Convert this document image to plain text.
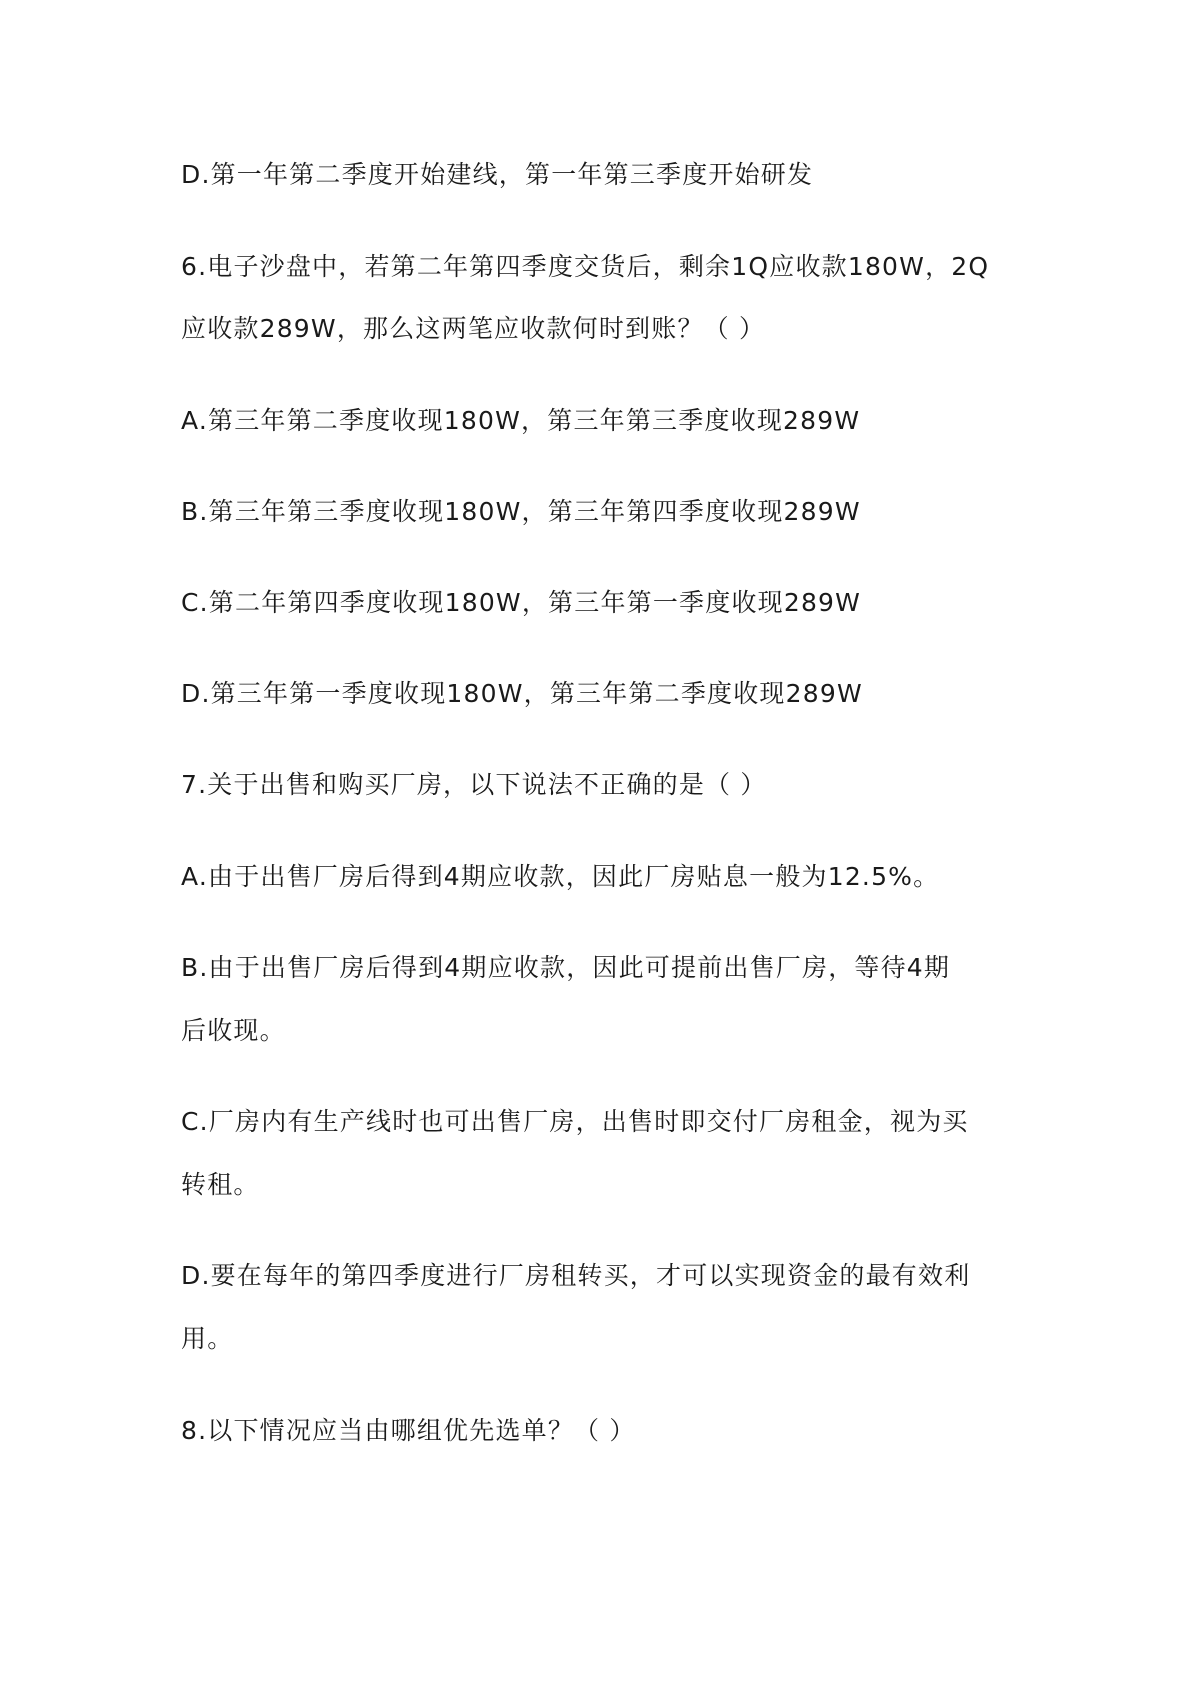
D.第一年第二季度开始建线，第一年第三季度开始研发
6.电子沙盘中，若第二年第四季度交货后，剩余1Q应收款180W，2Q
应收款289W，那么这两笔应收款何时到账？（ ）
A.第三年第二季度收现180W，第三年第三季度收现289W
B.第三年第三季度收现180W，第三年第四季度收现289W
C.第二年第四季度收现180W，第三年第一季度收现289W
D.第三年第一季度收现180W，第三年第二季度收现289W
7.关于出售和购买厂房，以下说法不正确的是（ ）
A.由于出售厂房后得到4期应收款，因此厂房贴息一般为12.5%。
B.由于出售厂房后得到4期应收款，因此可提前出售厂房，等待4期
后收现。
C.厂房内有生产线时也可出售厂房，出售时即交付厂房租金，视为买
转租。
D.要在每年的第四季度进行厂房租转买，才可以实现资金的最有效利
用。
8.以下情况应当由哪组优先选单？（ ）
